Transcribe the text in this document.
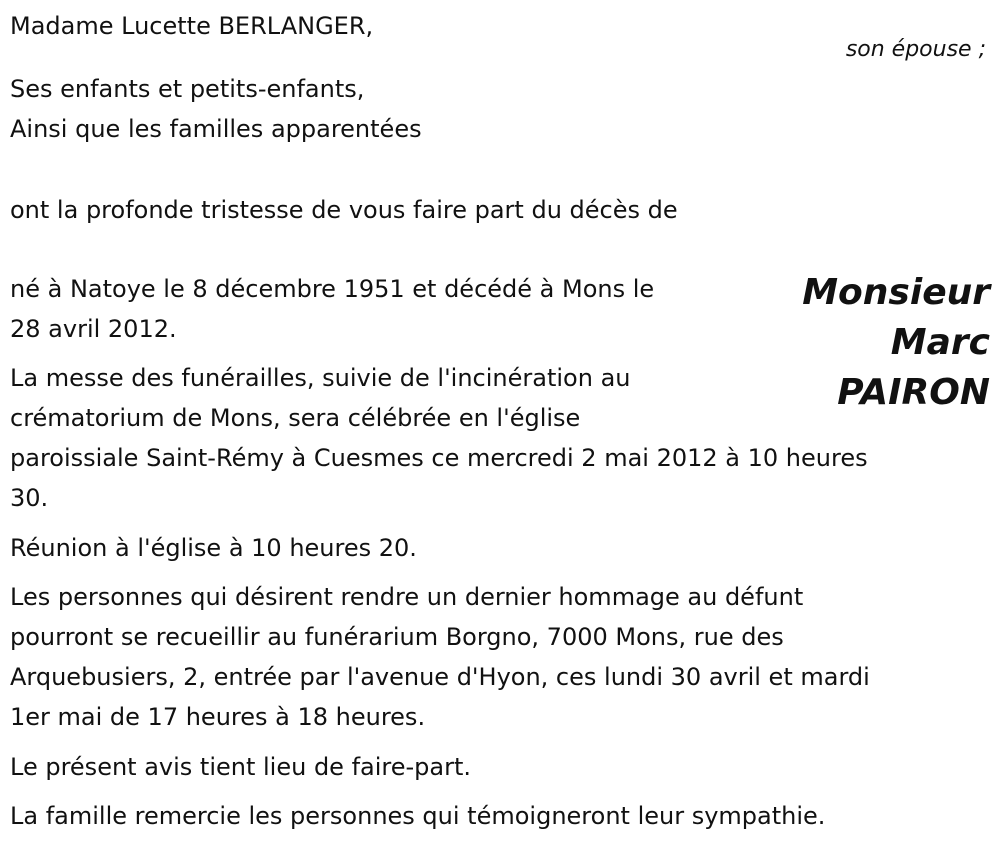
Madame Lucette BERLANGER,
son épouse ;
Ses enfants et petits-enfants,
Ainsi que les familles apparentées
ont la profonde tristesse de vous faire part du décès de
Monsieur
Marc
PAIRON
né à Natoye le 8 décembre 1951 et décédé à Mons le
28 avril 2012.
La messe des funérailles, suivie de l'incinération au
crématorium de Mons, sera célébrée en l'église
paroissiale Saint-Rémy à Cuesmes ce mercredi 2 mai 2012 à 10 heures
30.
Réunion à l'église à 10 heures 20.
Les personnes qui désirent rendre un dernier hommage au défunt
pourront se recueillir au funérarium Borgno, 7000 Mons, rue des
Arquebusiers, 2, entrée par l'avenue d'Hyon, ces lundi 30 avril et mardi
1er mai de 17 heures à 18 heures.
Le présent avis tient lieu de faire-part.
La famille remercie les personnes qui témoigneront leur sympathie.
